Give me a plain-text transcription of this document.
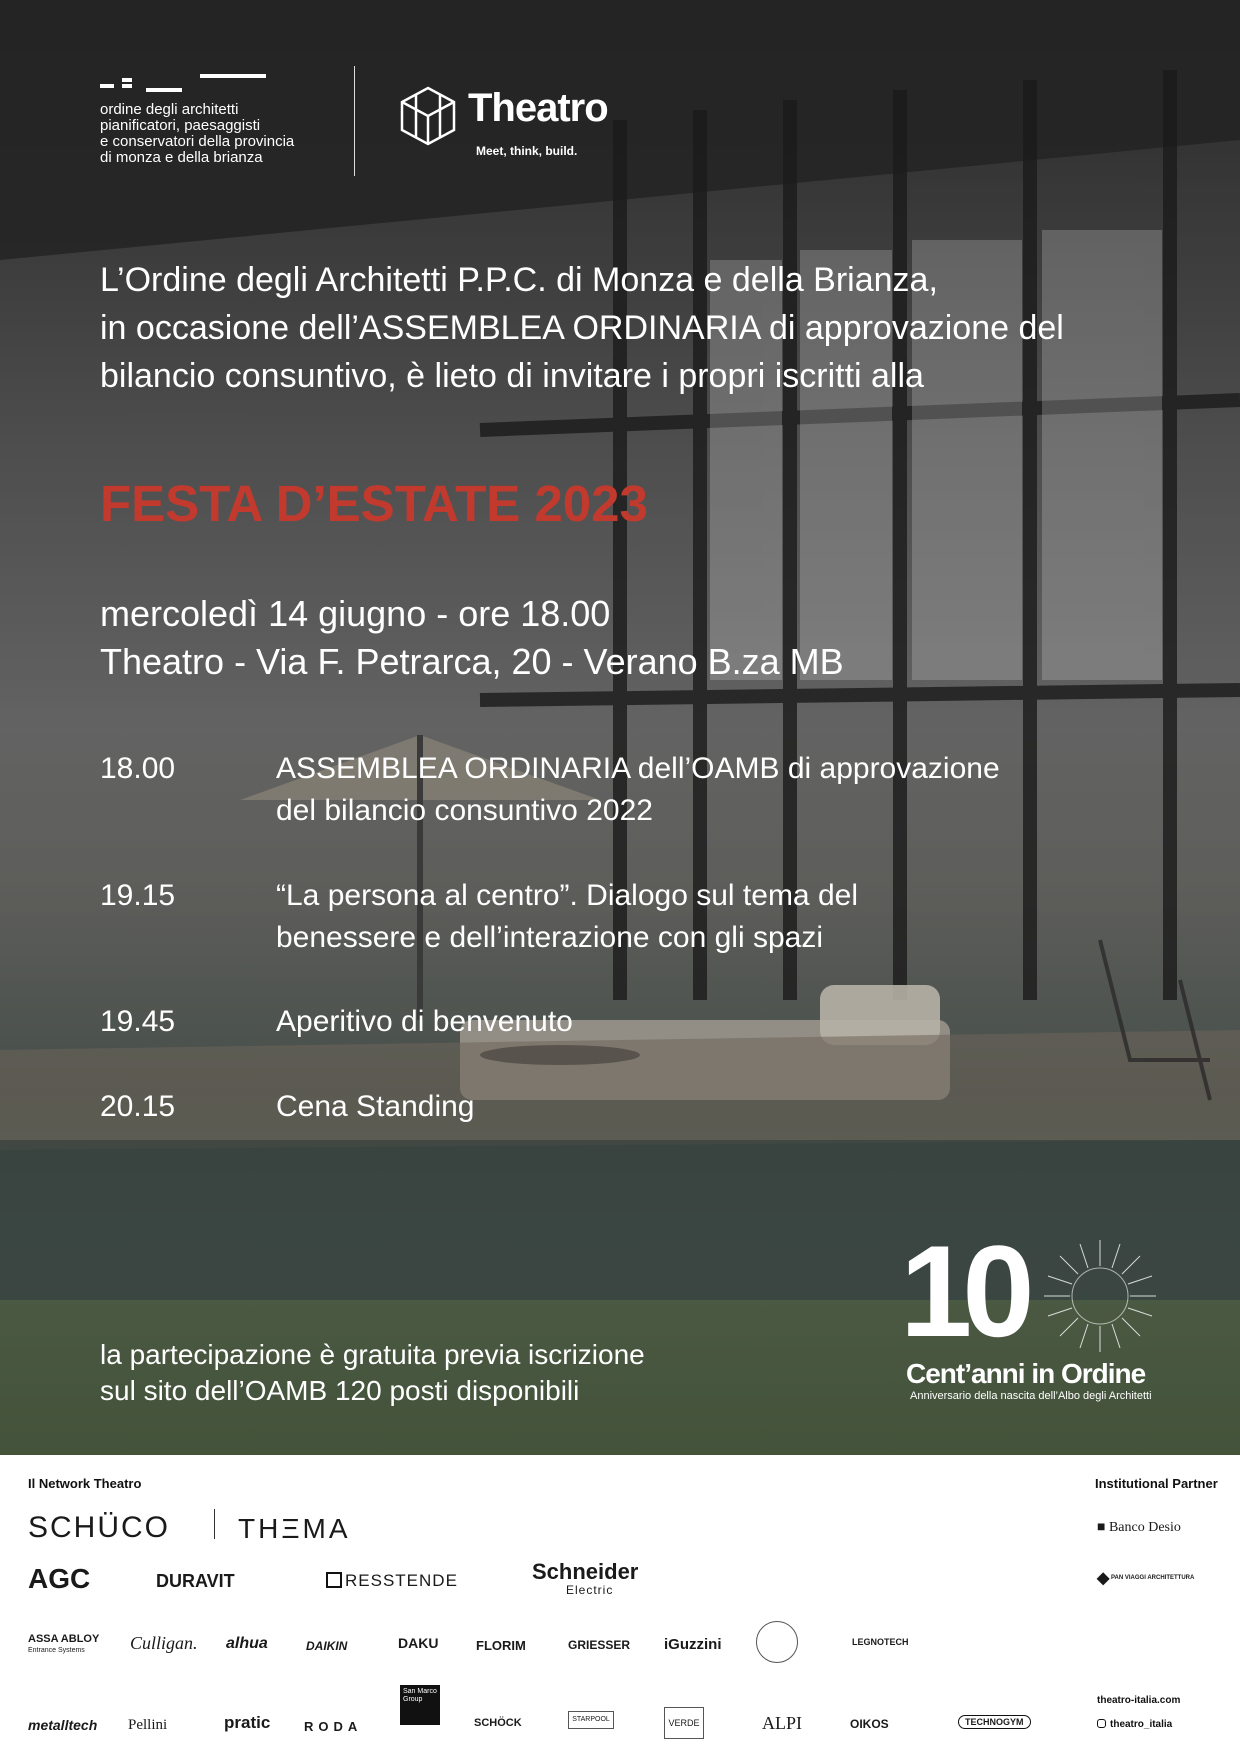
ordine degli architetti
pianificatori, paesaggisti
e conservatori della provincia
di monza e della brianza
Theatro
Meet, think, build.
L’Ordine degli Architetti P.P.C. di Monza e della Brianza,
in occasione dell’ASSEMBLEA ORDINARIA di approvazione del
bilancio consuntivo, è lieto di invitare i propri iscritti alla
FESTA D’ESTATE 2023
mercoledì 14 giugno - ore 18.00
Theatro - Via F. Petrarca, 20 - Verano B.za MB
18.00	ASSEMBLEA ORDINARIA dell’OAMB di approvazione
del bilancio consuntivo 2022
19.15	“La persona al centro”. Dialogo sul tema del
benessere e dell’interazione con gli spazi
19.45	Aperitivo di benvenuto
20.15	Cena Standing
la partecipazione è gratuita previa iscrizione
sul sito dell’OAMB 120 posti disponibili
10
Cent’anni in Ordine
Anniversario della nascita dell’Albo degli Architetti
Il Network Theatro	Institutional Partner
SCHÜCO THΞMA
AGC	DURAVIT	RESSTENDE	Schneider
Electric
ASSA ABLOY
Entrance Systems	Culligan. alhua	DAIKIN	DAKU	FLORIM	GRIESSER iGuzzini	LEGNOTECH
metalltech Pellini	pratic	RODA
San Marco Group
SCHÖCK	STARPOOL	VERDE	ALPI	OIKOS	TECHNOGYM
■ Banco Desio
◆ PAN VIAGGI ARCHITETTURA
theatro-italia.com
theatro_italia
